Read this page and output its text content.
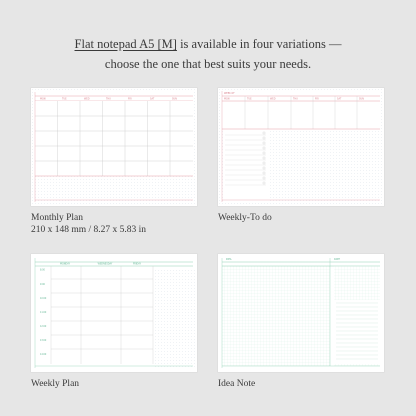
Flat notepad A5 [M] is available in four variations —
choose the one that best suits your needs.
MON	TUE	WED	THU	FRI	SAT	SUN
Monthly Plan
210 x 148 mm / 8.27 x 5.83 in
WEEK OF
MON	TUE	WED	THU	FRI	SAT	SUN
Weekly-To do
MONDAY	WEDNESDAY	FRIDAY
8:00
9:00
10:00
11:00
12:00
13:00
14:00
Weekly Plan
IDEA	DATE
Idea Note
